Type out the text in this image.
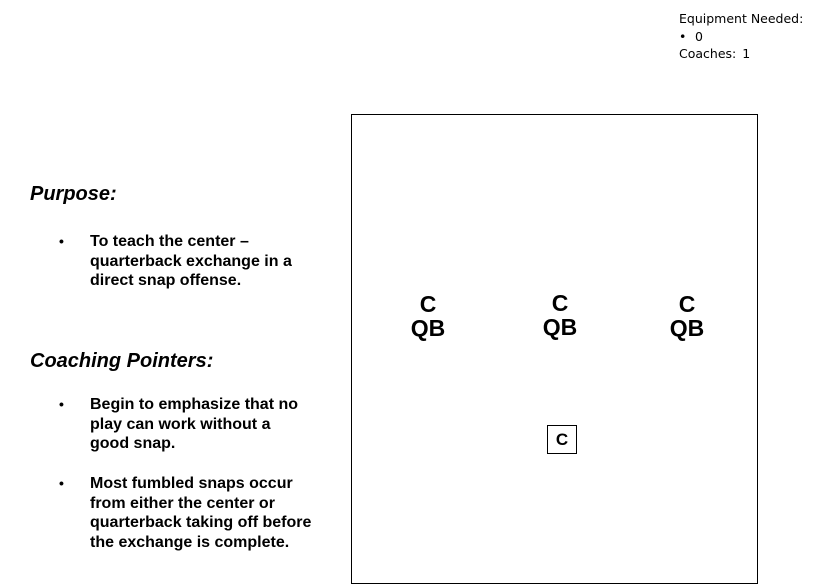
Equipment Needed:
• 0
Coaches: 1
Purpose:
•	To teach the center –
quarterback exchange in a
direct snap offense.
Coaching Pointers:
•	Begin to emphasize that no
play can work without a
good snap.
•	Most fumbled snaps occur
from either the center or
quarterback taking off before
the exchange is complete.
C
QB
C
QB
C
QB
C
